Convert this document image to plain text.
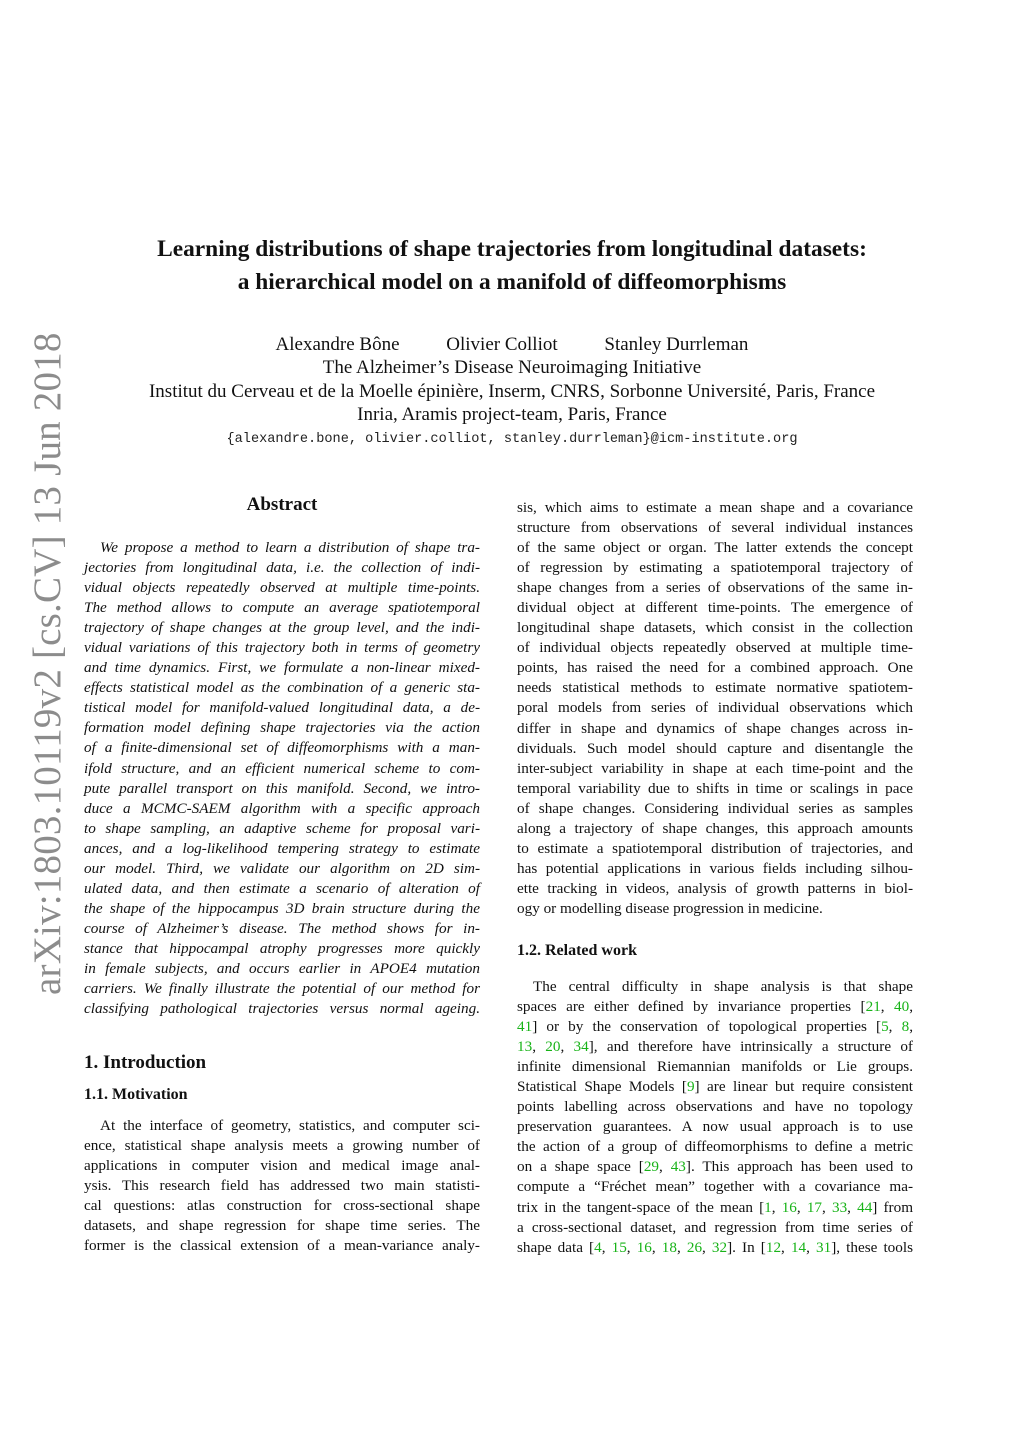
arXiv:1803.10119v2 [cs.CV] 13 Jun 2018
Learning distributions of shape trajectories from longitudinal datasets:
a hierarchical model on a manifold of diffeomorphisms
Alexandre Bône Olivier Colliot Stanley Durrleman
The Alzheimer’s Disease Neuroimaging Initiative
Institut du Cerveau et de la Moelle épinière, Inserm, CNRS, Sorbonne Université, Paris, France
Inria, Aramis project-team, Paris, France
{alexandre.bone, olivier.colliot, stanley.durrleman}@icm-institute.org
Abstract
We propose a method to learn a distribution of shape tra-
jectories from longitudinal data, i.e. the collection of indi-
vidual objects repeatedly observed at multiple time-points.
The method allows to compute an average spatiotemporal
trajectory of shape changes at the group level, and the indi-
vidual variations of this trajectory both in terms of geometry
and time dynamics. First, we formulate a non-linear mixed-
effects statistical model as the combination of a generic sta-
tistical model for manifold-valued longitudinal data, a de-
formation model defining shape trajectories via the action
of a finite-dimensional set of diffeomorphisms with a man-
ifold structure, and an efficient numerical scheme to com-
pute parallel transport on this manifold. Second, we intro-
duce a MCMC-SAEM algorithm with a specific approach
to shape sampling, an adaptive scheme for proposal vari-
ances, and a log-likelihood tempering strategy to estimate
our model. Third, we validate our algorithm on 2D sim-
ulated data, and then estimate a scenario of alteration of
the shape of the hippocampus 3D brain structure during the
course of Alzheimer’s disease. The method shows for in-
stance that hippocampal atrophy progresses more quickly
in female subjects, and occurs earlier in APOE4 mutation
carriers. We finally illustrate the potential of our method for
classifying pathological trajectories versus normal ageing.
1. Introduction
1.1. Motivation
At the interface of geometry, statistics, and computer sci-
ence, statistical shape analysis meets a growing number of
applications in computer vision and medical image anal-
ysis. This research field has addressed two main statisti-
cal questions: atlas construction for cross-sectional shape
datasets, and shape regression for shape time series. The
former is the classical extension of a mean-variance analy-
sis, which aims to estimate a mean shape and a covariance
structure from observations of several individual instances
of the same object or organ. The latter extends the concept
of regression by estimating a spatiotemporal trajectory of
shape changes from a series of observations of the same in-
dividual object at different time-points. The emergence of
longitudinal shape datasets, which consist in the collection
of individual objects repeatedly observed at multiple time-
points, has raised the need for a combined approach. One
needs statistical methods to estimate normative spatiotem-
poral models from series of individual observations which
differ in shape and dynamics of shape changes across in-
dividuals. Such model should capture and disentangle the
inter-subject variability in shape at each time-point and the
temporal variability due to shifts in time or scalings in pace
of shape changes. Considering individual series as samples
along a trajectory of shape changes, this approach amounts
to estimate a spatiotemporal distribution of trajectories, and
has potential applications in various fields including silhou-
ette tracking in videos, analysis of growth patterns in biol-
ogy or modelling disease progression in medicine.
1.2. Related work
The central difficulty in shape analysis is that shape
spaces are either defined by invariance properties [21, 40,
41] or by the conservation of topological properties [5, 8,
13, 20, 34], and therefore have intrinsically a structure of
infinite dimensional Riemannian manifolds or Lie groups.
Statistical Shape Models [9] are linear but require consistent
points labelling across observations and have no topology
preservation guarantees. A now usual approach is to use
the action of a group of diffeomorphisms to define a metric
on a shape space [29, 43]. This approach has been used to
compute a “Fréchet mean” together with a covariance ma-
trix in the tangent-space of the mean [1, 16, 17, 33, 44] from
a cross-sectional dataset, and regression from time series of
shape data [4, 15, 16, 18, 26, 32]. In [12, 14, 31], these tools
